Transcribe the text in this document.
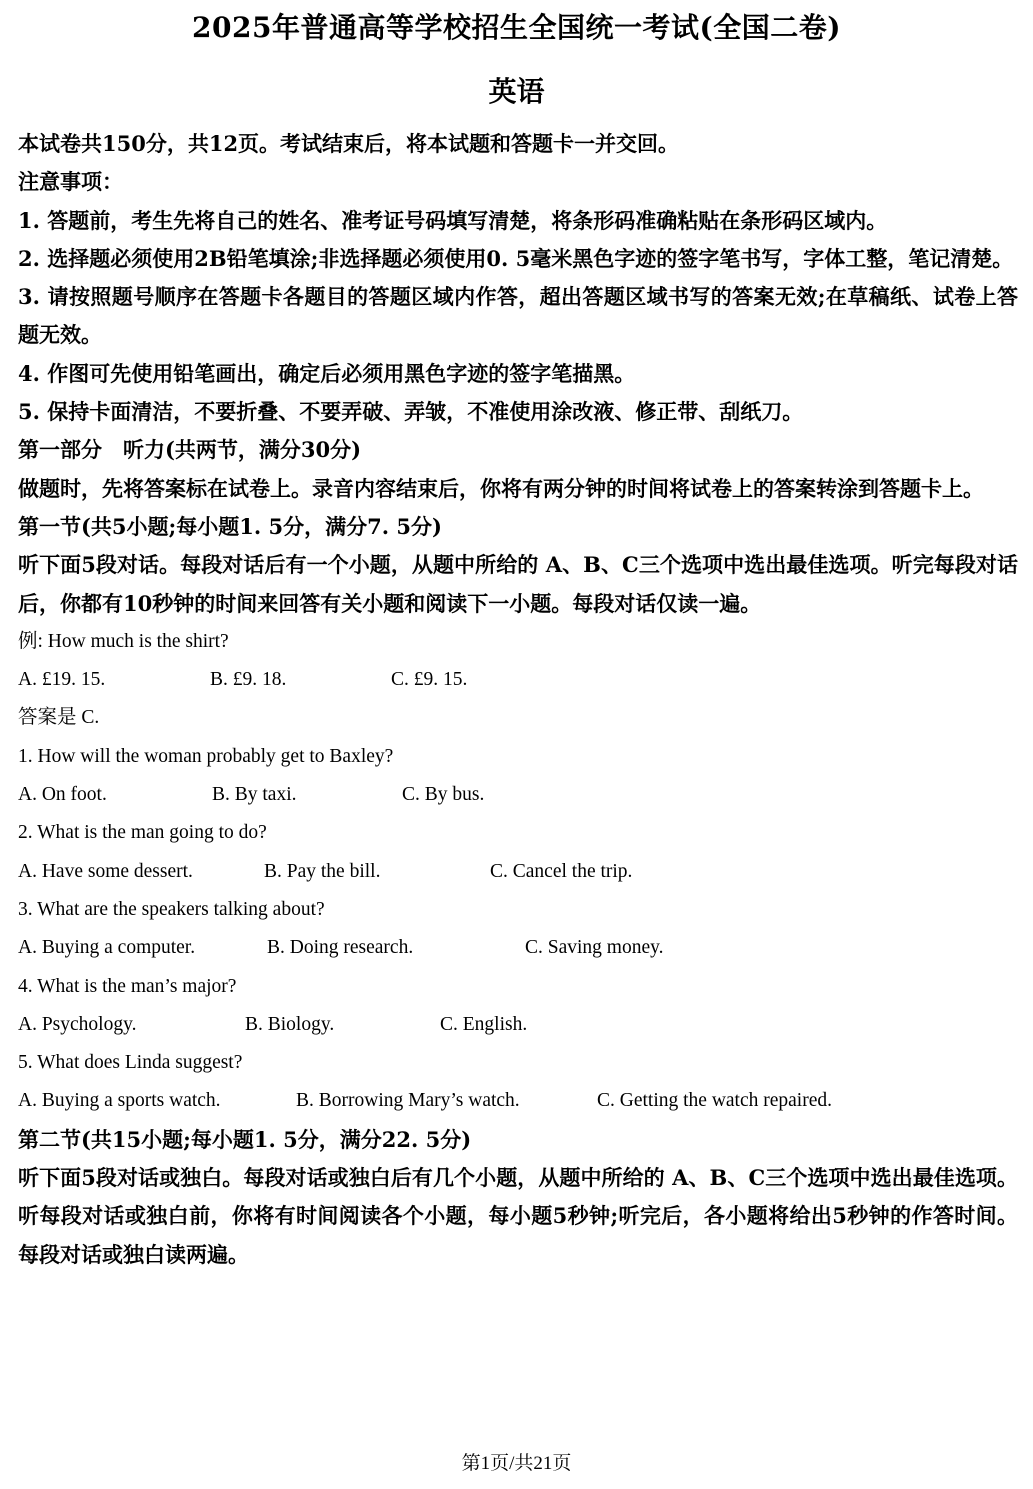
2025年普通高等学校招生全国统一考试(全国二卷)
英语

本试卷共150分，共12页。考试结束后，将本试题和答题卡一并交回。

注意事项：

1. 答题前，考生先将自己的姓名、准考证号码填写清楚，将条形码准确粘贴在条形码区域内。

2. 选择题必须使用2B铅笔填涂;非选择题必须使用0. 5毫米黑色字迹的签字笔书写，字体工整，笔记清楚。

3. 请按照题号顺序在答题卡各题目的答题区域内作答，超出答题区域书写的答案无效;在草稿纸、试卷上答题无效。

4. 作图可先使用铅笔画出，确定后必须用黑色字迹的签字笔描黑。

5. 保持卡面清洁，不要折叠、不要弄破、弄皱，不准使用涂改液、修正带、刮纸刀。

第一部分　听力(共两节，满分30分)

做题时，先将答案标在试卷上。录音内容结束后，你将有两分钟的时间将试卷上的答案转涂到答题卡上。

第一节(共5小题;每小题1. 5分，满分7. 5分)

听下面5段对话。每段对话后有一个小题，从题中所给的 A、B、C三个选项中选出最佳选项。听完每段对话后，你都有10秒钟的时间来回答有关小题和阅读下一小题。每段对话仅读一遍。

例: How much is the shirt?

A. £19. 15.	B. £9. 18.	C. £9. 15.

答案是 C.

1. How will the woman probably get to Baxley?

A. On foot.	B. By taxi.	C. By bus.

2. What is the man going to do?

A. Have some dessert.	B. Pay the bill.	C. Cancel the trip.

3. What are the speakers talking about?

A. Buying a computer.	B. Doing research.	C. Saving money.

4. What is the man’s major?

A. Psychology.	B. Biology.	C. English.

5. What does Linda suggest?

A. Buying a sports watch.	B. Borrowing Mary’s watch.	C. Getting the watch repaired.

第二节(共15小题;每小题1. 5分，满分22. 5分)

听下面5段对话或独白。每段对话或独白后有几个小题，从题中所给的 A、B、C三个选项中选出最佳选项。听每段对话或独白前，你将有时间阅读各个小题，每小题5秒钟;听完后，各小题将给出5秒钟的作答时间。每段对话或独白读两遍。

第1页/共21页
